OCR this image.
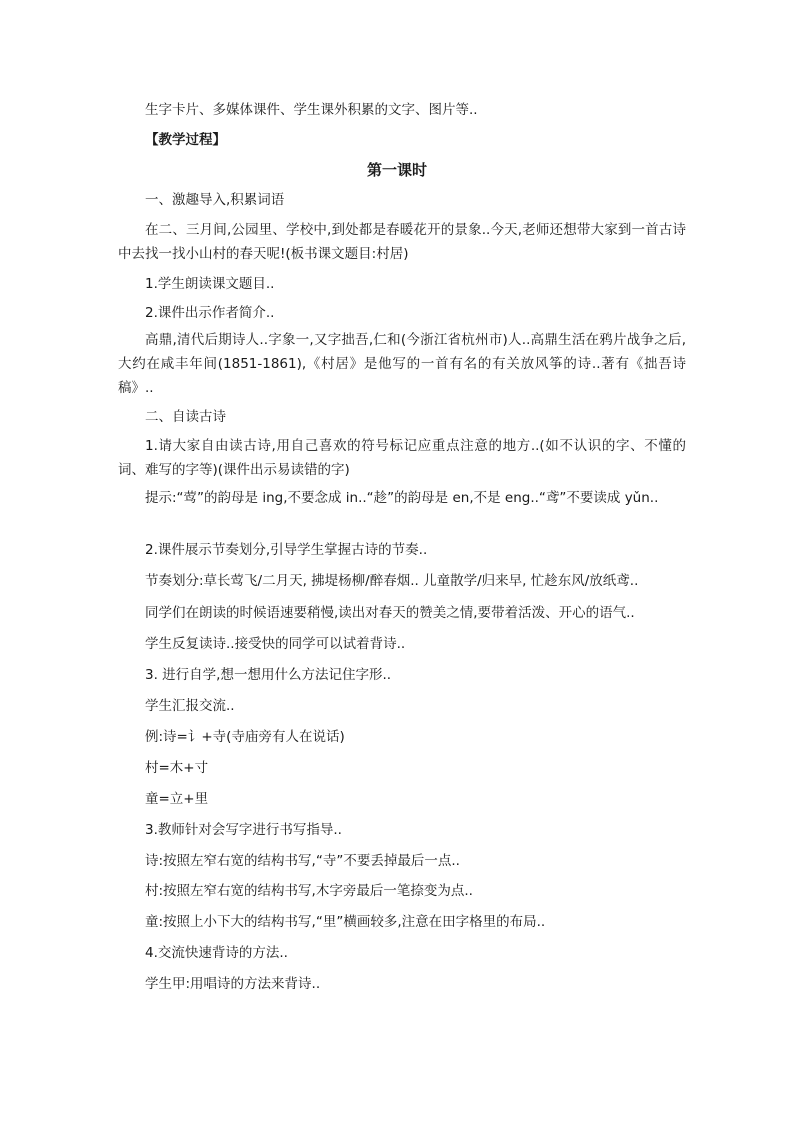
生字卡片、多媒体课件、学生课外积累的文字、图片等..
【教学过程】
第一课时
一、激趣导入,积累词语
在二、三月间,公园里、学校中,到处都是春暖花开的景象..今天,老师还想带大家到一首古诗中去找一找小山村的春天呢!(板书课文题目:村居)
1.学生朗读课文题目..
2.课件出示作者简介..
高鼎,清代后期诗人..字象一,又字拙吾,仁和(今浙江省杭州市)人..高鼎生活在鸦片战争之后,大约在咸丰年间(1851-1861),《村居》是他写的一首有名的有关放风筝的诗..著有《拙吾诗稿》..
二、自读古诗
1.请大家自由读古诗,用自己喜欢的符号标记应重点注意的地方..(如不认识的字、不懂的词、难写的字等)(课件出示易读错的字)
提示:“莺”的韵母是 ing,不要念成 in..“趁”的韵母是 en,不是 eng..“鸢”不要读成 yǔn..
2.课件展示节奏划分,引导学生掌握古诗的节奏..
节奏划分:草长莺飞/二月天, 拂堤杨柳/醉春烟.. 儿童散学/归来早, 忙趁东风/放纸鸢..
同学们在朗读的时候语速要稍慢,读出对春天的赞美之情,要带着活泼、开心的语气..
学生反复读诗..接受快的同学可以试着背诗..
3. 进行自学,想一想用什么方法记住字形..
学生汇报交流..
例:诗=讠+寺(寺庙旁有人在说话)
村=木+寸
童=立+里
3.教师针对会写字进行书写指导..
诗:按照左窄右宽的结构书写,“寺”不要丢掉最后一点..
村:按照左窄右宽的结构书写,木字旁最后一笔捺变为点..
童:按照上小下大的结构书写,“里”横画较多,注意在田字格里的布局..
4.交流快速背诗的方法..
学生甲:用唱诗的方法来背诗..
